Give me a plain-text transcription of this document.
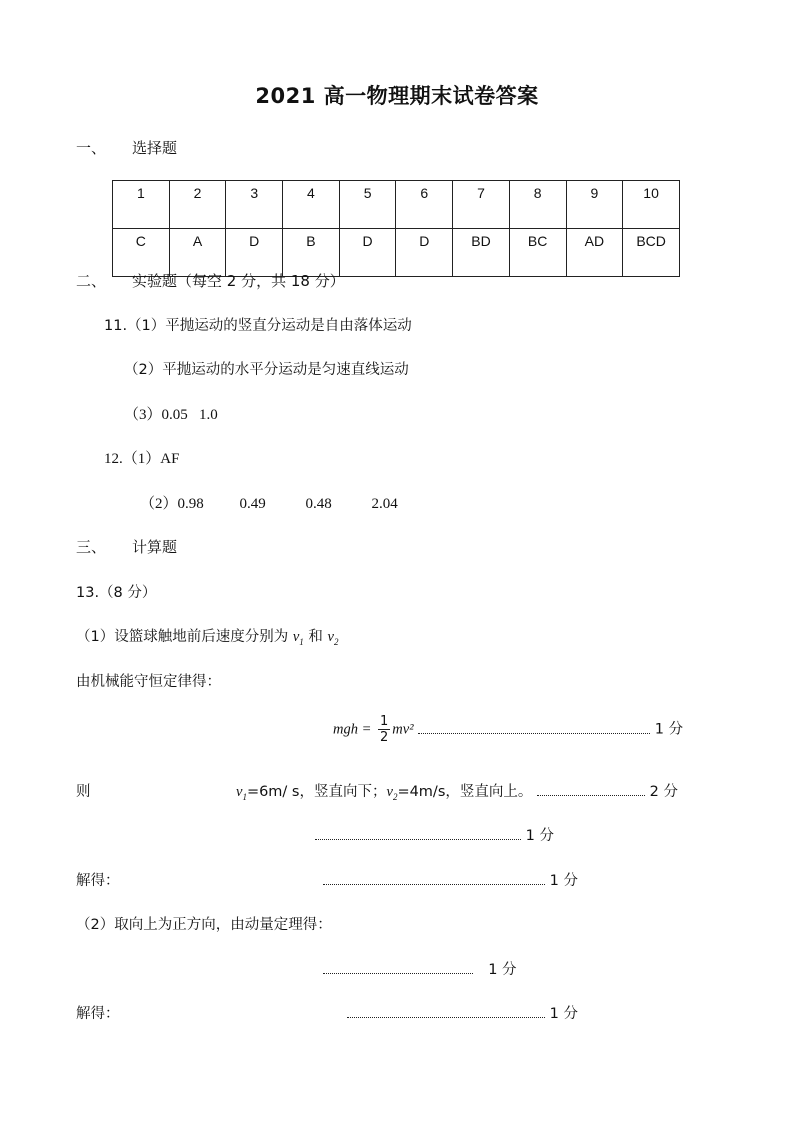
2021 高一物理期末试卷答案
一、 选择题
1	2	3	4	5	6	7	8	9	10
C	A	D	B	D	D	BD	BC	AD	BCD
二、 实验题（每空 2 分，共 18 分）
11.（1）平抛运动的竖直分运动是自由落体运动
（2）平抛运动的水平分运动是匀速直线运动
（3）0.05   1.0
12.（1）AF
（2）0.98 0.49	0.48	2.04
三、 计算题
13.（8 分）
（1）设篮球触地前后速度分别为 $v_1$ 和 $v_2$
由机械能守恒定律得：
mgh = $\frac{1}{2} mv^2$	1 分
则	$v_1=6m/$ s，竖直向下；$v_2=4m/s$，竖直向上。	2 分
1 分
解得：	1 分
（2）取向上为正方向，由动量定理得：
1 分
解得：	1 分
